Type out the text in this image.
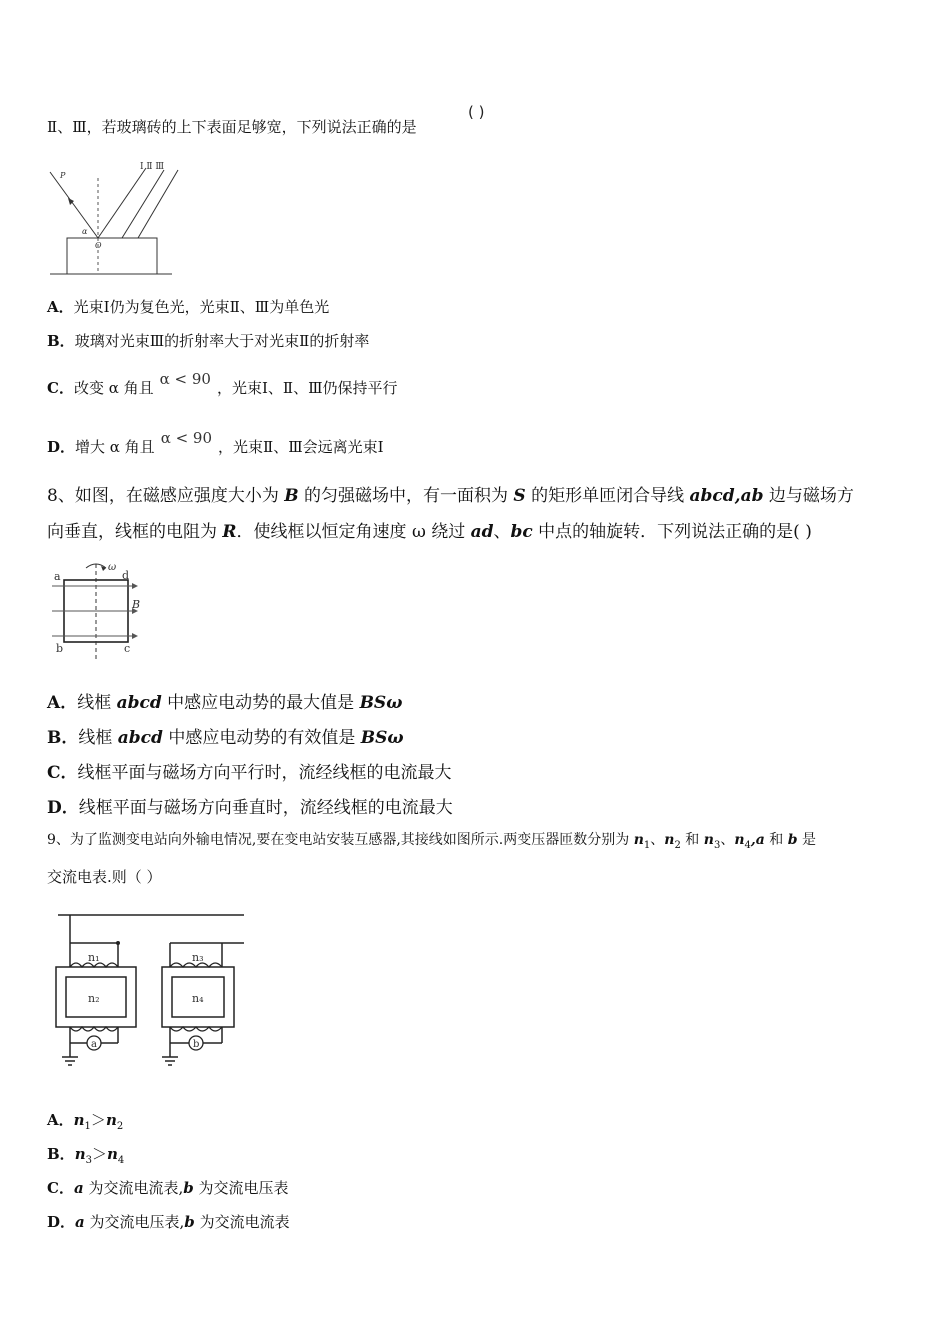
Ⅱ、Ⅲ，若玻璃砖的上下表面足够宽，下列说法正确的是
( )
P
Ⅰ Ⅱ Ⅲ
O
α
A．光束Ⅰ仍为复色光，光束Ⅱ、Ⅲ为单色光
B．玻璃对光束Ⅲ的折射率大于对光束Ⅱ的折射率
C．改变 α 角且 α < 90 ，光束Ⅰ、Ⅱ、Ⅲ仍保持平行
D．增大 α 角且 α < 90 ，光束Ⅱ、Ⅲ会远离光束Ⅰ
8、如图，在磁感应强度大小为 B 的匀强磁场中，有一面积为 S 的矩形单匝闭合导线 abcd,ab 边与磁场方
向垂直，线框的电阻为 R．使线框以恒定角速度 ω 绕过 ad、bc 中点的轴旋转．下列说法正确的是( )
a	d
b	c
B
ω
A．线框 abcd 中感应电动势的最大值是 BSω
B．线框 abcd 中感应电动势的有效值是 BSω
C．线框平面与磁场方向平行时，流经线框的电流最大
D．线框平面与磁场方向垂直时，流经线框的电流最大
9、为了监测变电站向外输电情况,要在变电站安装互感器,其接线如图所示.两变压器匝数分别为 $n_1$、$n_2$ 和 $n_3$、$n_4,a$ 和 b 是
交流电表.则（ ）
n₁
n₂
n₃
n₄
a	b
A．$n_1>n_2$
B．$n_3>n_4$
C．a 为交流电流表,b 为交流电压表
D．a 为交流电压表,b 为交流电流表
